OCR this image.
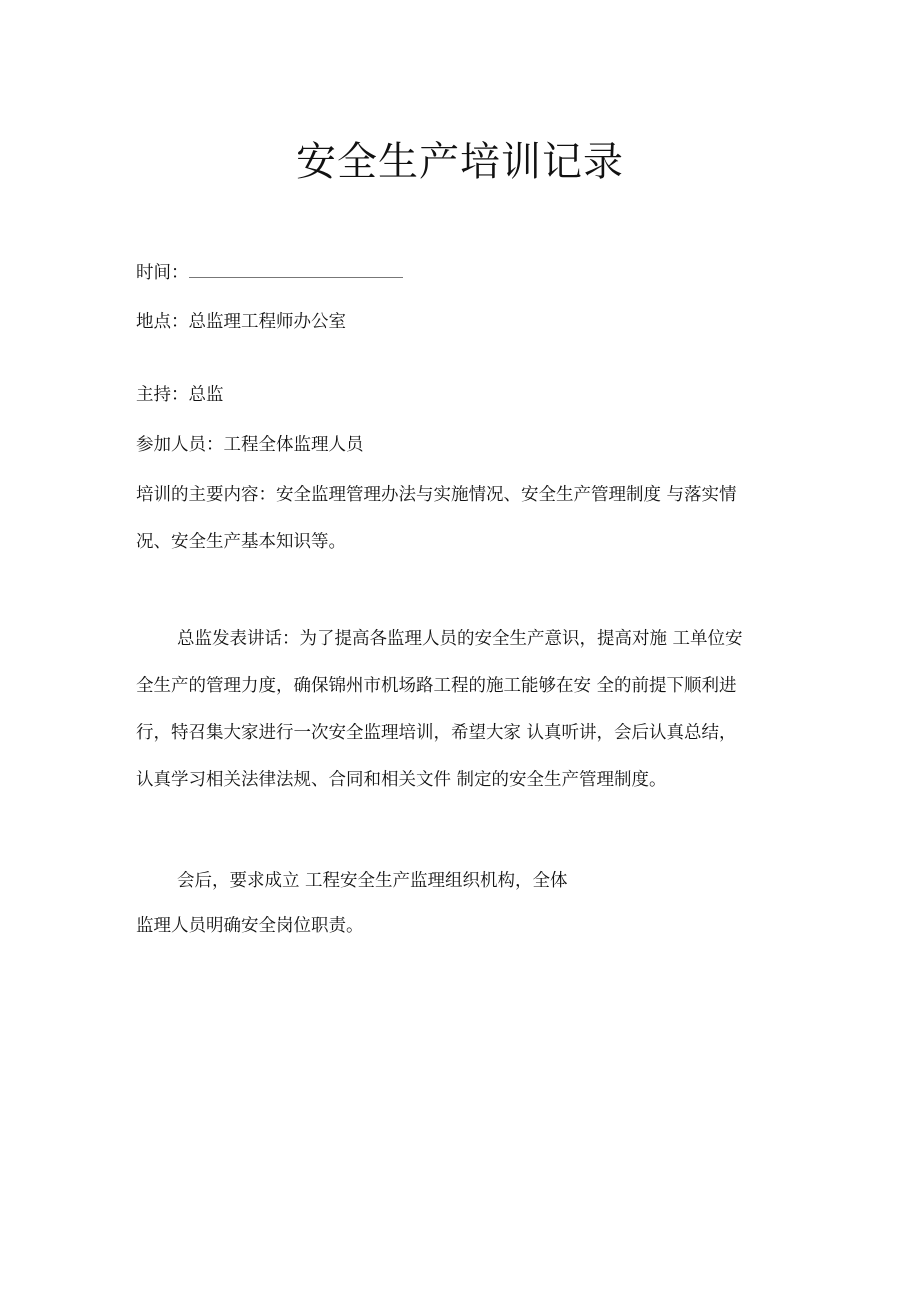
安全生产培训记录
时间：
地点：总监理工程师办公室
主持：总监
参加人员：工程全体监理人员
培训的主要内容：安全监理管理办法与实施情况、安全生产管理制度 与落实情
况、安全生产基本知识等。
总监发表讲话：为了提高各监理人员的安全生产意识，提高对施 工单位安
全生产的管理力度，确保锦州市机场路工程的施工能够在安 全的前提下顺利进
行，特召集大家进行一次安全监理培训，希望大家 认真听讲，会后认真总结，
认真学习相关法律法规、合同和相关文件 制定的安全生产管理制度。
会后，要求成立 工程安全生产监理组织机构，全体
监理人员明确安全岗位职责。
